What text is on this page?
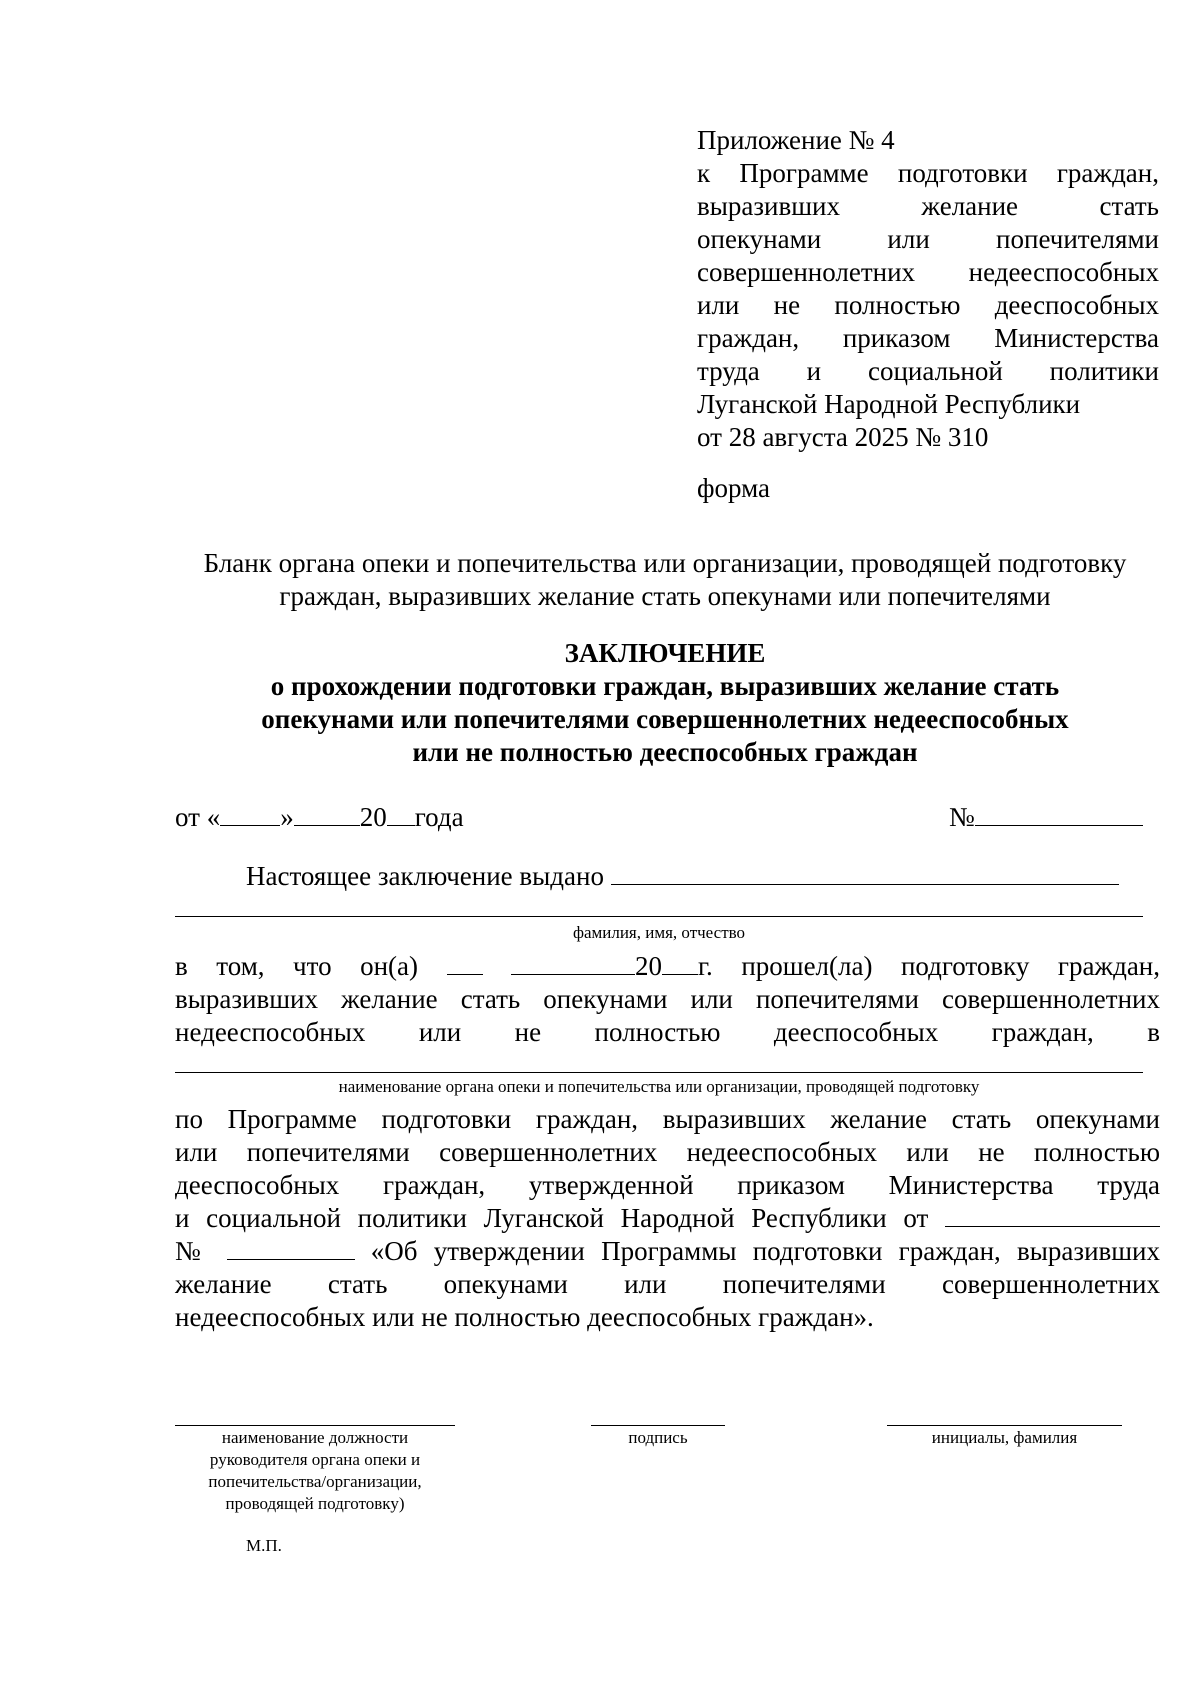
Приложение № 4
к Программе подготовки граждан,
выразивших желание стать
опекунами или попечителями
совершеннолетних недееспособных
или не полностью дееспособных
граждан, приказом Министерства
труда и социальной политики
Луганской Народной Республики
от 28 августа 2025 № 310
форма
Бланк органа опеки и попечительства или организации, проводящей подготовку
граждан, выразивших желание стать опекунами или попечителями
ЗАКЛЮЧЕНИЕ
о прохождении подготовки граждан, выразивших желание стать
опекунами или попечителями совершеннолетних недееспособных
или не полностью дееспособных граждан
от « » 20 года	№
Настоящее заключение выдано
фамилия, имя, отчество
в том, что он(а)	20 г. прошел(ла) подготовку граждан,
выразивших желание стать опекунами или попечителями совершеннолетних
недееспособных или не полностью дееспособных граждан, в
наименование органа опеки и попечительства или организации, проводящей подготовку
по Программе подготовки граждан, выразивших желание стать опекунами
или попечителями совершеннолетних недееспособных или не полностью
дееспособных граждан, утвержденной приказом Министерства труда
и социальной политики Луганской Народной Республики от
№	«Об утверждении Программы подготовки граждан, выразивших
желание стать опекунами или попечителями совершеннолетних
недееспособных или не полностью дееспособных граждан».
наименование должности
руководителя органа опеки и
попечительства/организации,
проводящей подготовку)
подпись	инициалы, фамилия
М.П.
